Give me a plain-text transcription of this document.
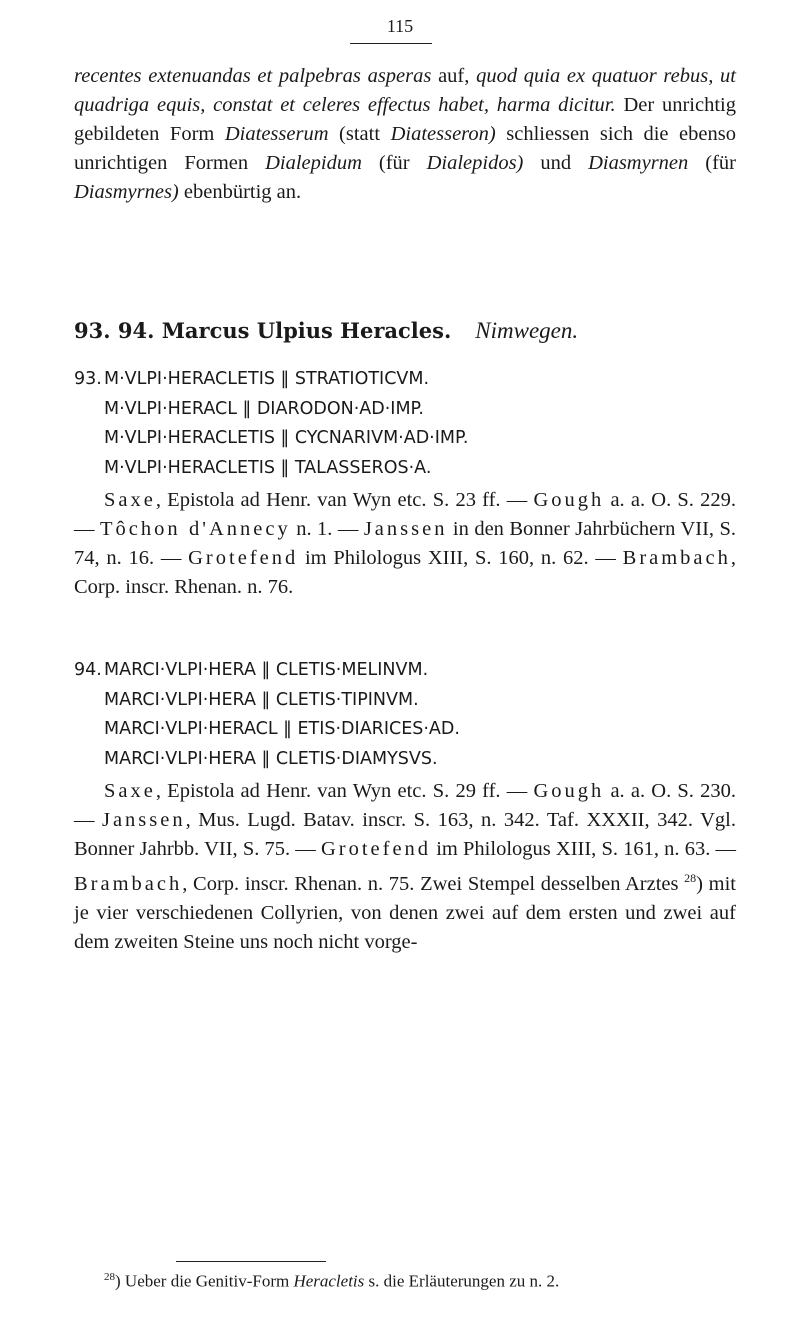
115

recentes extenuandas et palpebras asperas auf, quod quia ex quatuor rebus, ut quadriga equis, constat et celeres effectus habet, harma dicitur. Der unrichtig gebildeten Form Diatesserum (statt Diatesseron) schliessen sich die ebenso unrichtigen Formen Dialepidum (für Dialepidos) und Diasmyrnen (für Diasmyrnes) ebenbürtig an.

93. 94. Marcus Ulpius Heracles. Nimwegen.

93. M·VLPI·HERACLETIS ‖ STRATIOTICVM.

M·VLPI·HERACL ‖ DIARODON·AD·IMP.

M·VLPI·HERACLETIS ‖ CYCNARIVM·AD·IMP.

M·VLPI·HERACLETIS ‖ TALASSEROS·A.

Saxe, Epistola ad Henr. van Wyn etc. S. 23 ff. — Gough a. a. O. S. 229. — Tôchon d'Annecy n. 1. — Janssen in den Bonner Jahrbüchern VII, S. 74, n. 16. — Grotefend im Philologus XIII, S. 160, n. 62. — Brambach, Corp. inscr. Rhenan. n. 76.

94. MARCI·VLPI·HERA ‖ CLETIS·MELINVM.

MARCI·VLPI·HERA ‖ CLETIS·TIPINVM.

MARCI·VLPI·HERACL ‖ ETIS·DIARICES·AD.

MARCI·VLPI·HERA ‖ CLETIS·DIAMYSVS.

Saxe, Epistola ad Henr. van Wyn etc. S. 29 ff. — Gough a. a. O. S. 230. — Janssen, Mus. Lugd. Batav. inscr. S. 163, n. 342. Taf. XXXII, 342. Vgl. Bonner Jahrbb. VII, S. 75. — Grotefend im Philologus XIII, S. 161, n. 63. — Brambach, Corp. inscr. Rhenan. n. 75. Zwei Stempel desselben Arztes $^{28}$) mit je vier verschiedenen Collyrien, von denen zwei auf dem ersten und zwei auf dem zweiten Steine uns noch nicht vorge-

$^{28}$) Ueber die Genitiv-Form Heracletis s. die Erläuterungen zu n. 2.
